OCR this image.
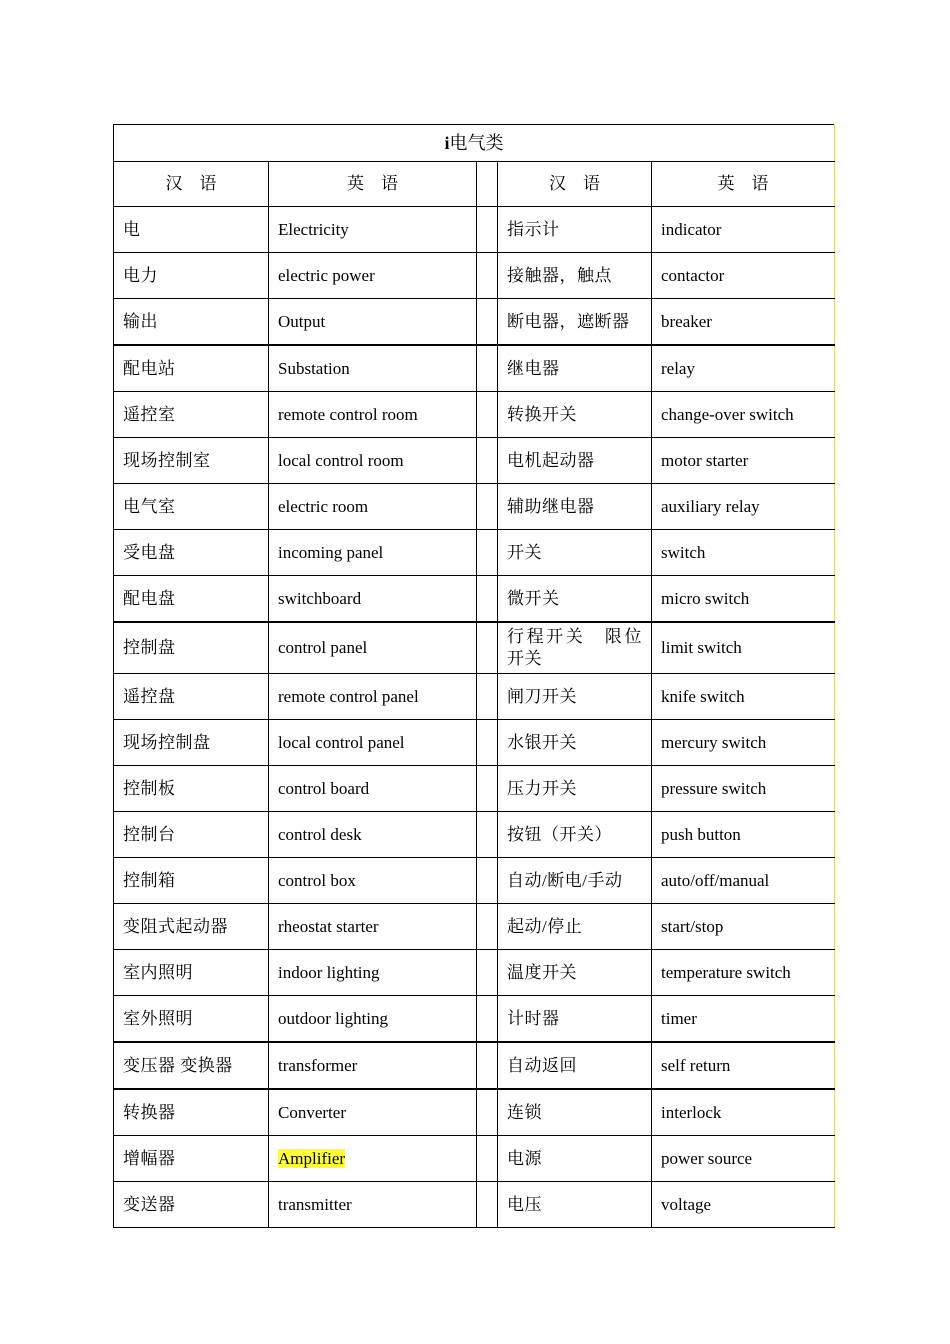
i电气类				
汉　语	英　语		汉　语	英　语
电	Electricity		指示计	indicator
电力	electric power		接触器，触点	contactor
输出	Output		断电器，遮断器	breaker
配电站	Substation		继电器	relay
遥控室	remote control room		转换开关	change-over switch
现场控制室	local control room		电机起动器	motor starter
电气室	electric room		辅助继电器	auxiliary relay
受电盘	incoming panel		开关	switch
配电盘	switchboard		微开关	micro switch
控制盘	control panel		行程开关　限位开关	limit switch
遥控盘	remote control panel		闸刀开关	knife switch
现场控制盘	local control panel		水银开关	mercury switch
控制板	control board		压力开关	pressure switch
控制台	control desk		按钮（开关）	push button
控制箱	control box		自动/断电/手动	auto/off/manual
变阻式起动器	rheostat starter		起动/停止	start/stop
室内照明	indoor lighting		温度开关	temperature switch
室外照明	outdoor lighting		计时器	timer
变压器 变换器	transformer		自动返回	self return
转换器	Converter		连锁	interlock
增幅器	Amplifier		电源	power source
变送器	transmitter		电压	voltage
